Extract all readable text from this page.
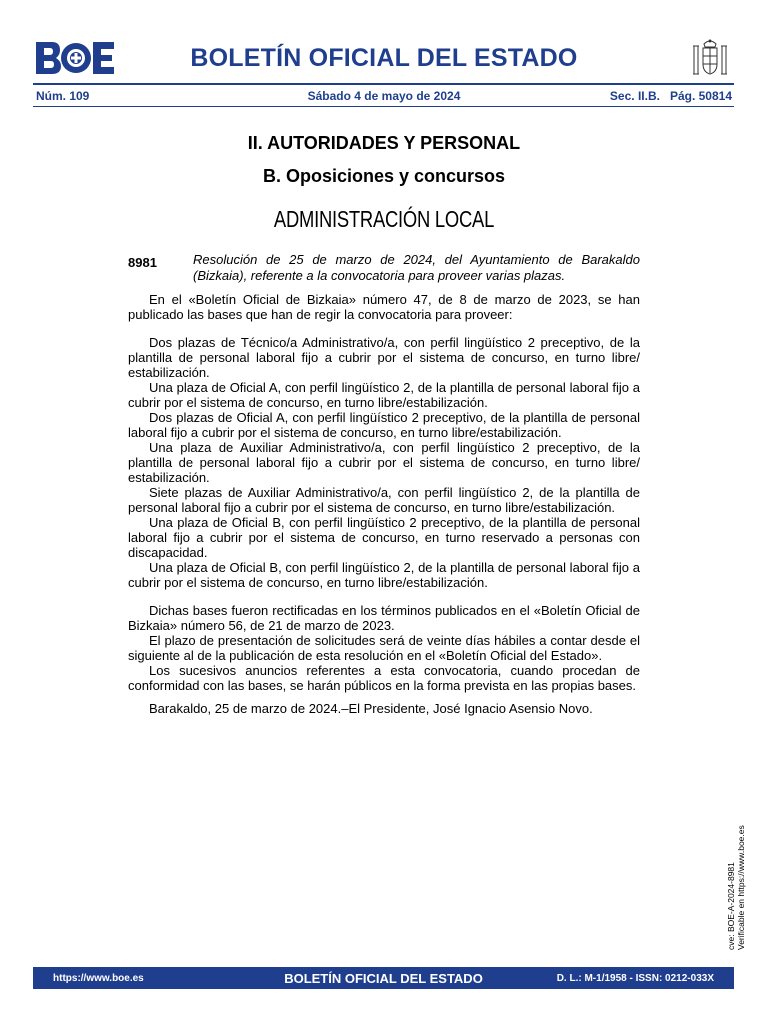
BOLETÍN OFICIAL DEL ESTADO
Núm. 109	Sábado 4 de mayo de 2024	Sec. II.B.   Pág. 50814
II. AUTORIDADES Y PERSONAL
B. Oposiciones y concursos
ADMINISTRACIÓN LOCAL
8981	Resolución de 25 de marzo de 2024, del Ayuntamiento de Barakaldo (Bizkaia), referente a la convocatoria para proveer varias plazas.

En el «Boletín Oficial de Bizkaia» número 47, de 8 de marzo de 2023, se han publicado las bases que han de regir la convocatoria para proveer:

Dos plazas de Técnico/a Administrativo/a, con perfil lingüístico 2 preceptivo, de la plantilla de personal laboral fijo a cubrir por el sistema de concurso, en turno libre/ estabilización.

Una plaza de Oficial A, con perfil lingüístico 2, de la plantilla de personal laboral fijo a cubrir por el sistema de concurso, en turno libre/estabilización.

Dos plazas de Oficial A, con perfil lingüístico 2 preceptivo, de la plantilla de personal laboral fijo a cubrir por el sistema de concurso, en turno libre/estabilización.

Una plaza de Auxiliar Administrativo/a, con perfil lingüístico 2 preceptivo, de la plantilla de personal laboral fijo a cubrir por el sistema de concurso, en turno libre/ estabilización.

Siete plazas de Auxiliar Administrativo/a, con perfil lingüístico 2, de la plantilla de personal laboral fijo a cubrir por el sistema de concurso, en turno libre/estabilización.

Una plaza de Oficial B, con perfil lingüístico 2 preceptivo, de la plantilla de personal laboral fijo a cubrir por el sistema de concurso, en turno reservado a personas con discapacidad.

Una plaza de Oficial B, con perfil lingüístico 2, de la plantilla de personal laboral fijo a cubrir por el sistema de concurso, en turno libre/estabilización.

Dichas bases fueron rectificadas en los términos publicados en el «Boletín Oficial de Bizkaia» número 56, de 21 de marzo de 2023.

El plazo de presentación de solicitudes será de veinte días hábiles a contar desde el siguiente al de la publicación de esta resolución en el «Boletín Oficial del Estado».

Los sucesivos anuncios referentes a esta convocatoria, cuando procedan de conformidad con las bases, se harán públicos en la forma prevista en las propias bases.

Barakaldo, 25 de marzo de 2024.–El Presidente, José Ignacio Asensio Novo.

cve: BOE-A-2024-8981 Verificable en https://www.boe.es
https://www.boe.es	BOLETÍN OFICIAL DEL ESTADO	D. L.: M-1/1958 - ISSN: 0212-033X
